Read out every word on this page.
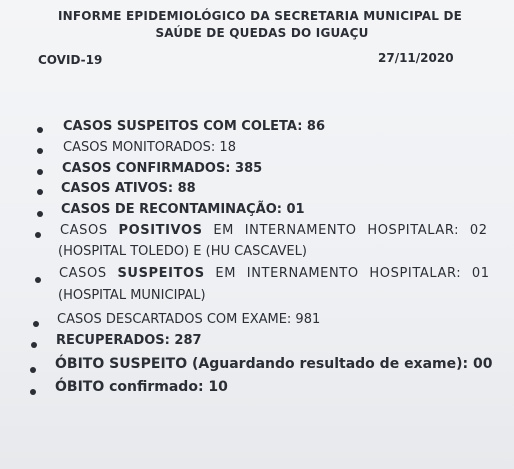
INFORME EPIDEMIOLÓGICO DA SECRETARIA MUNICIPAL DE
SAÚDE DE QUEDAS DO IGUAÇU
COVID-19	27/11/2020
CASOS SUSPEITOS COM COLETA: 86
CASOS MONITORADOS: 18
CASOS CONFIRMADOS: 385
CASOS ATIVOS: 88
CASOS DE RECONTAMINAÇÃO: 01
CASOS POSITIVOS EM INTERNAMENTO HOSPITALAR: 02
(HOSPITAL TOLEDO) E (HU CASCAVEL)
CASOS SUSPEITOS EM INTERNAMENTO HOSPITALAR: 01
(HOSPITAL MUNICIPAL)
CASOS DESCARTADOS COM EXAME: 981
RECUPERADOS: 287
ÓBITO SUSPEITO (Aguardando resultado de exame): 00
ÓBITO confirmado: 10
